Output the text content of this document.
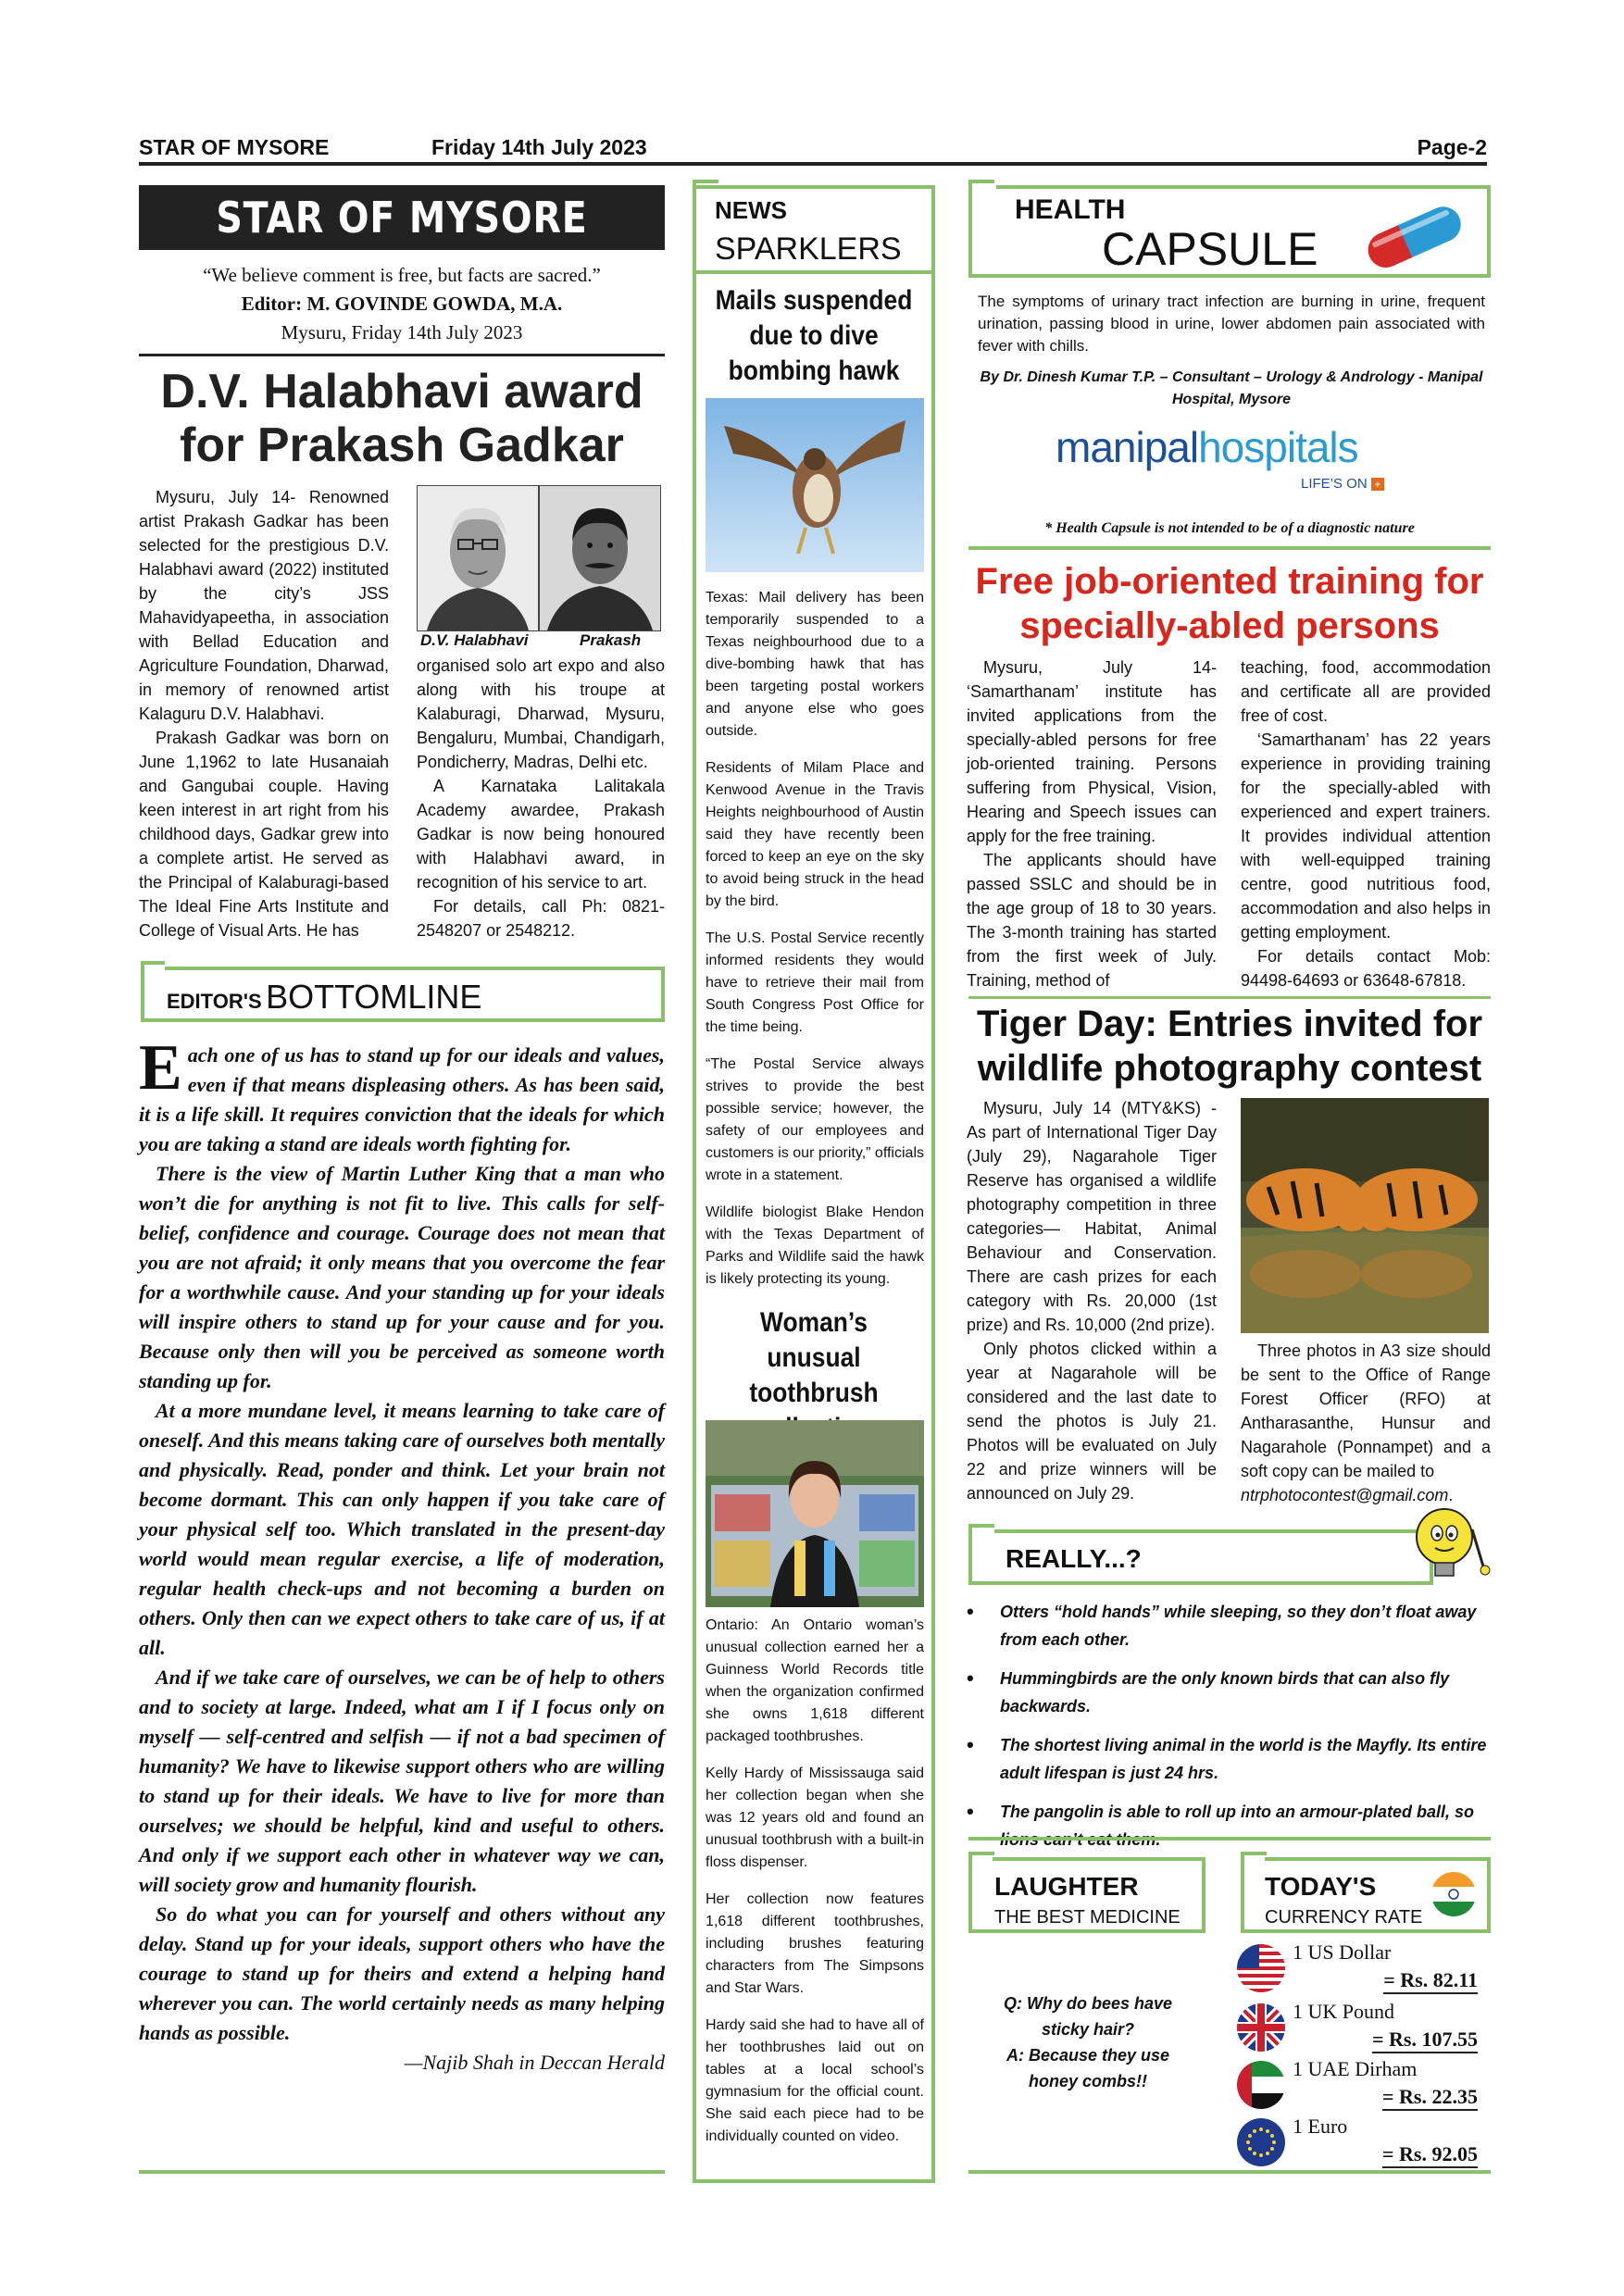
STAR OF MYSORE	Friday 14th July 2023	Page-2
STAR OF MYSORE
“We believe comment is free, but facts are sacred.”
Editor: M. GOVINDE GOWDA, M.A.
Mysuru, Friday 14th July 2023
D.V. Halabhavi award for Prakash Gadkar
D.V. Halabhavi	Prakash

Mysuru, July 14- Renowned artist Prakash Gadkar has been selected for the prestigious D.V. Halabhavi award (2022) instituted by the city’s JSS Mahavidyapeetha, in association with Bellad Education and Agriculture Foundation, Dharwad, in memory of renowned artist Kalaguru D.V. Halabhavi.

Prakash Gadkar was born on June 1,1962 to late Husanaiah and Gangubai couple. Having keen interest in art right from his childhood days, Gadkar grew into a complete artist. He served as the Principal of Kalaburagi-based The Ideal Fine Arts Institute and College of Visual Arts. He has

organised solo art expo and also along with his troupe at Kalaburagi, Dharwad, Mysuru, Bengaluru, Mumbai, Chandigarh, Pondicherry, Madras, Delhi etc.

A Karnataka Lalitakala Academy awardee, Prakash Gadkar is now being honoured with Halabhavi award, in recognition of his service to art.

For details, call Ph: 0821-2548207 or 2548212.

EDITOR'S BOTTOMLINE

Each one of us has to stand up for our ideals and values, even if that means displeasing others. As has been said, it is a life skill. It requires conviction that the ideals for which you are taking a stand are ideals worth fighting for.

There is the view of Martin Luther King that a man who won’t die for anything is not fit to live. This calls for self-belief, confidence and courage. Courage does not mean that you are not afraid; it only means that you overcome the fear for a worthwhile cause. And your standing up for your ideals will inspire others to stand up for your cause and for you. Because only then will you be perceived as someone worth standing up for.

At a more mundane level, it means learning to take care of oneself. And this means taking care of ourselves both mentally and physically. Read, ponder and think. Let your brain not become dormant. This can only happen if you take care of your physical self too. Which translated in the present-day world would mean regular exercise, a life of moderation, regular health check-ups and not becoming a burden on others. Only then can we expect others to take care of us, if at all.

And if we take care of ourselves, we can be of help to others and to society at large. Indeed, what am I if I focus only on myself — self-centred and selfish — if not a bad specimen of humanity? We have to likewise support others who are willing to stand up for their ideals. We have to live for more than ourselves; we should be helpful, kind and useful to others. And only if we support each other in whatever way we can, will society grow and humanity flourish.

So do what you can for yourself and others without any delay. Stand up for your ideals, support others who have the courage to stand up for theirs and extend a helping hand wherever you can. The world certainly needs as many helping hands as possible.

—Najib Shah in Deccan Herald

NEWS
SPARKLERS
Mails suspended due to dive bombing hawk

Texas: Mail delivery has been temporarily suspended to a Texas neighbourhood due to a dive-bombing hawk that has been targeting postal workers and anyone else who goes outside.

Residents of Milam Place and Kenwood Avenue in the Travis Heights neighbourhood of Austin said they have recently been forced to keep an eye on the sky to avoid being struck in the head by the bird.

The U.S. Postal Service recently informed residents they would have to retrieve their mail from South Congress Post Office for the time being.

“The Postal Service always strives to provide the best possible service; however, the safety of our employees and customers is our priority,” officials wrote in a statement.

Wildlife biologist Blake Hendon with the Texas Department of Parks and Wildlife said the hawk is likely protecting its young.

Woman’s unusual toothbrush

Ontario: An Ontario woman’s unusual collection earned her a Guinness World Records title when the organization confirmed she owns 1,618 different packaged toothbrushes.

Kelly Hardy of Mississauga said her collection began when she was 12 years old and found an unusual toothbrush with a built-in floss dispenser.

Her collection now features 1,618 different toothbrushes, including brushes featuring characters from The Simpsons and Star Wars.

Hardy said she had to have all of her toothbrushes laid out on tables at a local school’s gymnasium for the official count. She said each piece had to be individually counted on video.

HEALTH
CAPSULE
The symptoms of urinary tract infection are burning in urine, frequent urination, passing blood in urine, lower abdomen pain associated with fever with chills.
By Dr. Dinesh Kumar T.P. – Consultant – Urology & Andrology - Manipal Hospital, Mysore
manipalhospitals
LIFE’S ON +
* Health Capsule is not intended to be of a diagnostic nature
Free job-oriented training for specially-abled persons

Mysuru, July 14- ‘Samarthanam’ institute has invited applications from the specially-abled persons for free job-oriented training. Persons suffering from Physical, Vision, Hearing and Speech issues can apply for the free training.

The applicants should have passed SSLC and should be in the age group of 18 to 30 years. The 3-month training has started from the first week of July. Training, method of

teaching, food, accommodation and certificate all are provided free of cost.

‘Samarthanam’ has 22 years experience in providing training for the specially-abled with experienced and expert trainers. It provides individual attention with well-equipped training centre, good nutritious food, accommodation and also helps in getting employment.

For details contact Mob: 94498-64693 or 63648-67818.

Tiger Day: Entries invited for wildlife photography contest

Mysuru, July 14 (MTY&KS) - As part of International Tiger Day (July 29), Nagarahole Tiger Reserve has organised a wildlife photography competition in three categories— Habitat, Animal Behaviour and Conservation. There are cash prizes for each category with Rs. 20,000 (1st prize) and Rs. 10,000 (2nd prize).

Only photos clicked within a year at Nagarahole will be considered and the last date to send the photos is July 21. Photos will be evaluated on July 22 and prize winners will be announced on July 29.

Three photos in A3 size should be sent to the Office of Range Forest Officer (RFO) at Antharasanthe, Hunsur and Nagarahole (Ponnampet) and a soft copy can be mailed to

ntrphotocontest@gmail.com.

REALLY...?
• Otters “hold hands” while sleeping, so they don’t float away from each other.
• Hummingbirds are the only known birds that can also fly backwards.
• The shortest living animal in the world is the Mayfly. Its entire adult lifespan is just 24 hrs.
• The pangolin is able to roll up into an armour-plated ball, so
LAUGHTER
THE BEST MEDICINE
Q: Why do bees have sticky hair?
A: Because they use honey combs!!
TODAY'S
CURRENCY RATE
1 US Dollar
= Rs. 82.11
1 UK Pound
= Rs. 107.55
1 UAE Dirham
= Rs. 22.35
1 Euro
= Rs. 92.05
